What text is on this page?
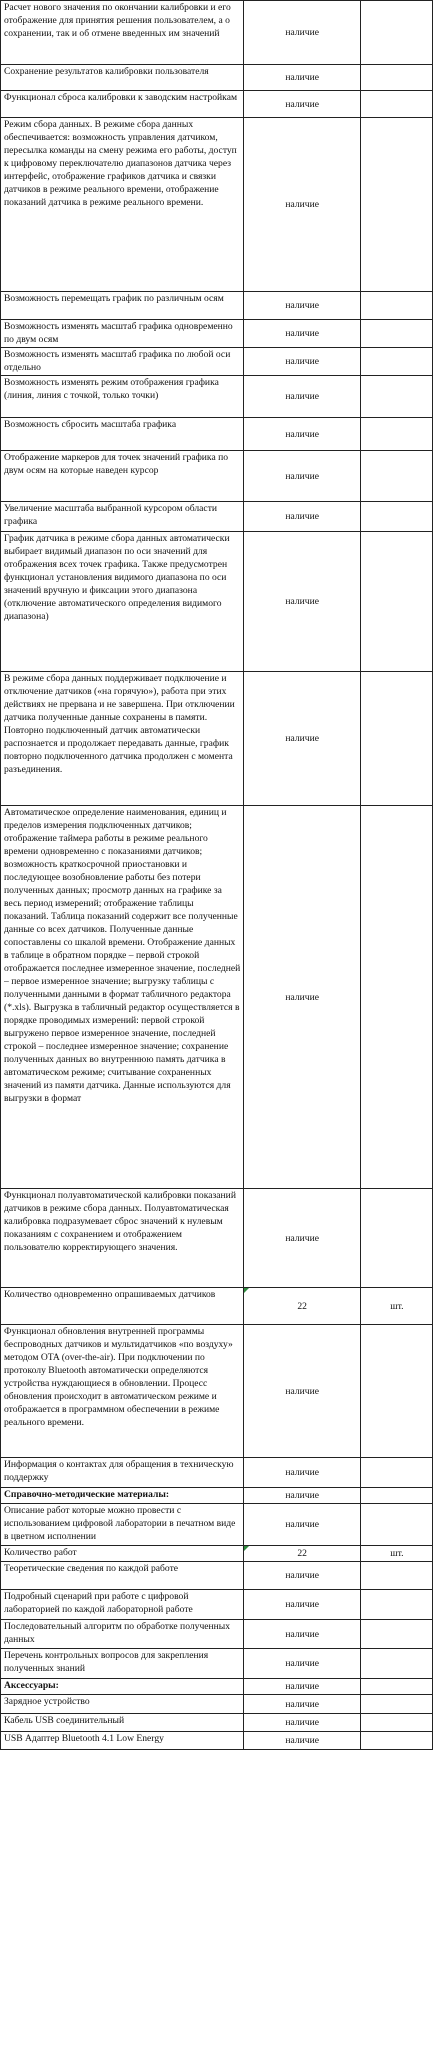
Расчет нового значения по окончании калибровки и его отображение для принятия решения пользователем, а о сохранении, так и об отмене введенных им значений	наличие	

Сохранение результатов калибровки пользователя	наличие	

Функционал сброса калибровки к заводским настройкам	наличие	

Режим сбора данных. В режиме сбора данных обеспечивается: возможность управления датчиком, пересылка команды на смену режима его работы, доступ к цифровому переключателю диапазонов датчика через интерфейс, отображение графиков датчика и связки датчиков в режиме реального времени, отображение показаний датчика в режиме реального времени.	наличие	

Возможность перемещать график по различным осям	наличие	

Возможность изменять масштаб графика одновременно по двум осям	наличие	

Возможность изменять масштаб графика по любой оси отдельно	наличие	

Возможность изменять режим отображения графика (линия, линия с точкой, только точки)	наличие	

Возможность сбросить масштаба графика	наличие	

Отображение маркеров для точек значений графика по двум осям на которые наведен курсор	наличие	

Увеличение масштаба выбранной курсором области графика	наличие	

График датчика в режиме сбора данных автоматически выбирает видимый диапазон по оси значений для отображения всех точек графика. Также предусмотрен функционал установления видимого диапазона по оси значений вручную и фиксации этого диапазона (отключение автоматического определения видимого диапазона)	наличие	

В режиме сбора данных поддерживает подключение и отключение датчиков («на горячую»), работа при этих действиях не прервана и не завершена. При отключении датчика полученные данные сохранены в памяти. Повторно подключенный датчик автоматически распознается и продолжает передавать данные, график повторно подключенного датчика продолжен с момента разъединения.	наличие	

Автоматическое определение наименования, единиц и пределов измерения подключенных датчиков; отображение таймера работы в режиме реального времени одновременно с показаниями датчиков; возможность краткосрочной приостановки и последующее возобновление работы без потери полученных данных; просмотр данных на графике за весь период измерений; отображение таблицы показаний. Таблица показаний содержит все полученные данные со всех датчиков. Полученные данные сопоставлены со шкалой времени. Отображение данных в таблице в обратном порядке – первой строкой отображается последнее измеренное значение, последней – первое измеренное значение; выгрузку таблицы с полученными данными в формат табличного редактора (*.xls). Выгрузка в табличный редактор осуществляется в порядке проводимых измерений: первой строкой выгружено первое измеренное значение, последней строкой – последнее измеренное значение; сохранение полученных данных во внутреннюю память датчика в автоматическом режиме; считывание сохраненных значений из памяти датчика. Данные используются для выгрузки в формат	наличие	

Функционал полуавтоматической калибровки показаний датчиков в режиме сбора данных. Полуавтоматическая калибровка подразумевает сброс значений к нулевым показаниям с сохранением и отображением пользователю корректирующего значения.	наличие	

Количество одновременно опрашиваемых датчиков	22	шт.

Функционал обновления внутренней программы беспроводных датчиков и мультидатчиков «по воздуху» методом OTA (over-the-air). При подключении по протоколу Bluetooth автоматически определяются устройства нуждающиеся в обновлении. Процесс обновления происходит в автоматическом режиме и отображается в программном обеспечении в режиме реального времени.	наличие	

Информация о контактах для обращения в техническую поддержку	наличие	

Справочно-методические материалы:	наличие	

Описание работ которые можно провести с использованием цифровой лаборатории в печатном виде в цветном исполнении	наличие	

Количество работ	22	шт.

Теоретические сведения по каждой работе	наличие	

Подробный сценарий при работе с цифровой лабораторией по каждой лабораторной работе	наличие	

Последовательный алгоритм по обработке полученных данных	наличие	

Перечень контрольных вопросов для закрепления полученных знаний	наличие	

Аксессуары:	наличие	

Зарядное устройство	наличие	

Кабель USB соединительный	наличие	

USB Адаптер Bluetooth 4.1 Low Energy	наличие	
